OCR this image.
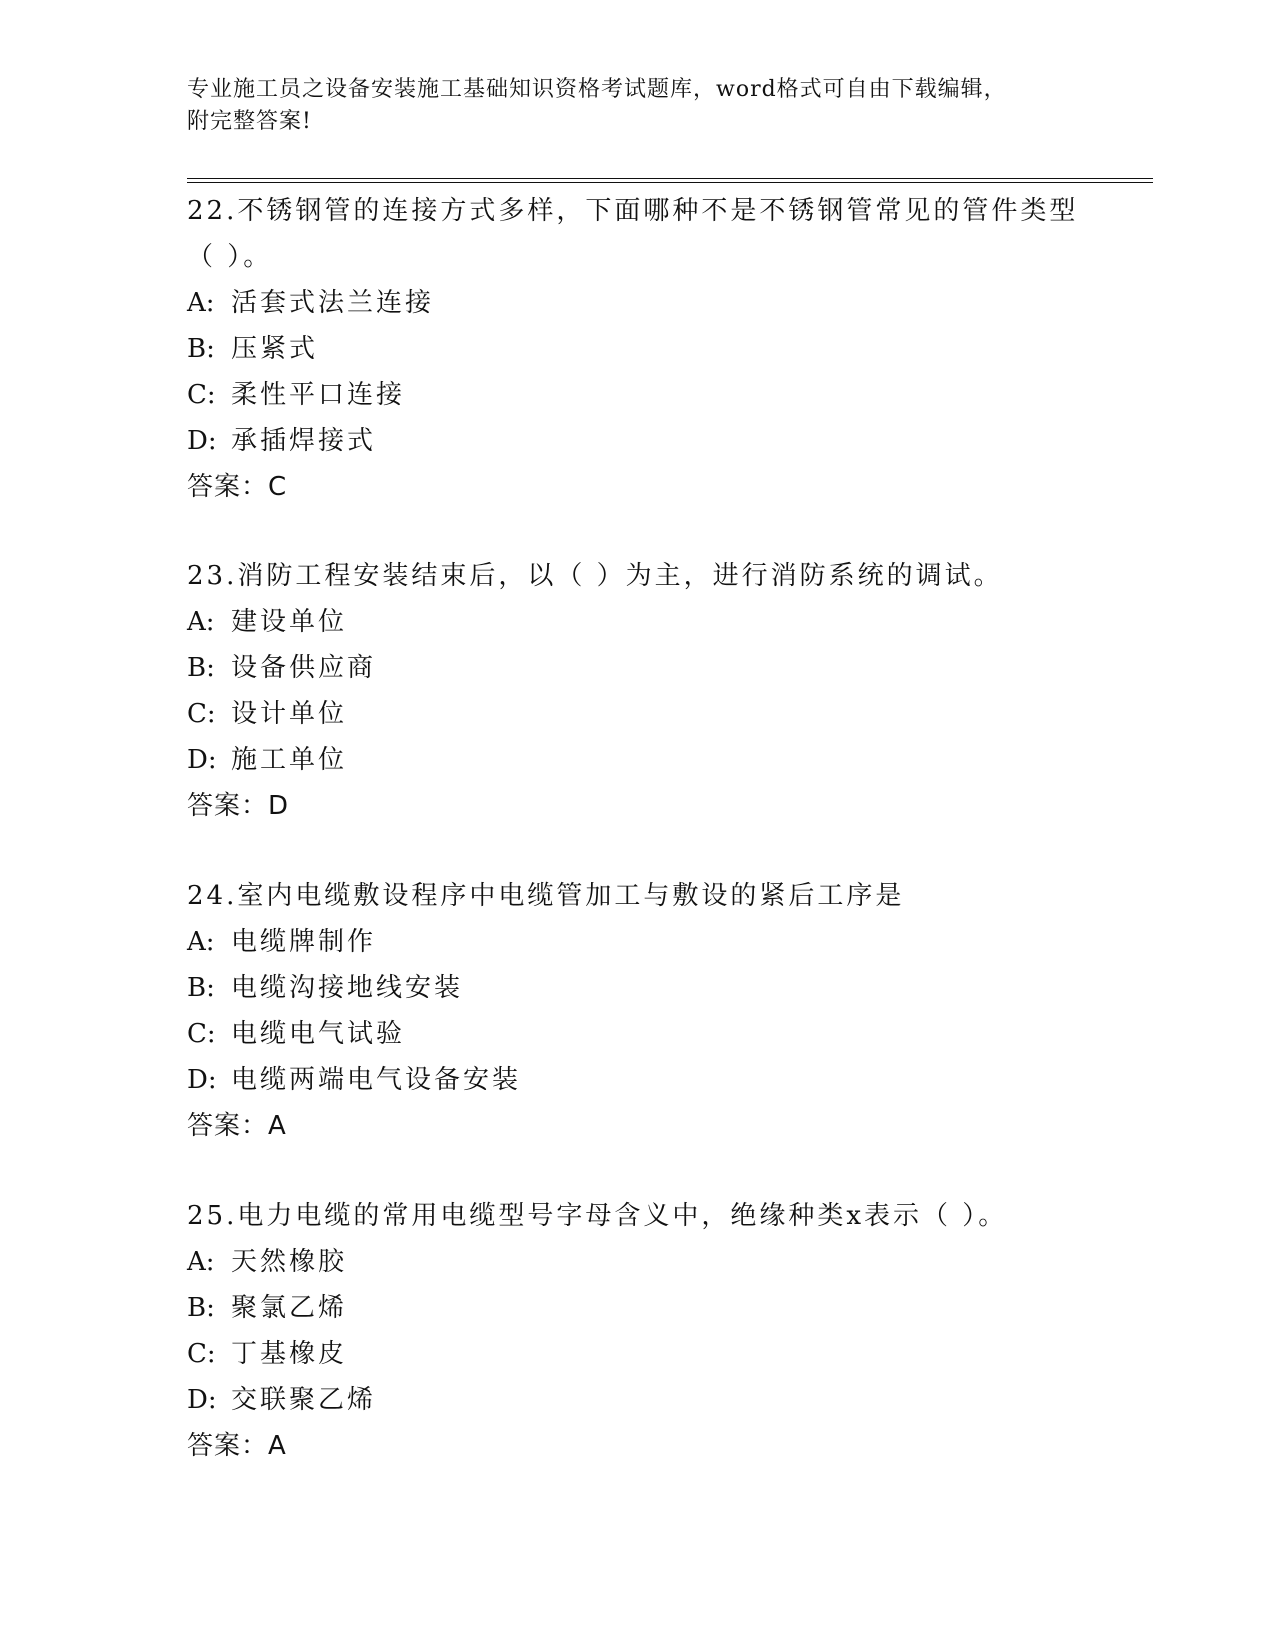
专业施工员之设备安装施工基础知识资格考试题库，word格式可自由下载编辑，
附完整答案!

22.不锈钢管的连接方式多样，下面哪种不是不锈钢管常见的管件类型

（ ）。

A: 活套式法兰连接

B: 压紧式

C: 柔性平口连接

D: 承插焊接式

答案：C

23.消防工程安装结束后，以（ ）为主，进行消防系统的调试。

A: 建设单位

B: 设备供应商

C: 设计单位

D: 施工单位

答案：D

24.室内电缆敷设程序中电缆管加工与敷设的紧后工序是

A: 电缆牌制作

B: 电缆沟接地线安装

C: 电缆电气试验

D: 电缆两端电气设备安装

答案：A

25.电力电缆的常用电缆型号字母含义中，绝缘种类x表示（ ）。

A: 天然橡胶

B: 聚氯乙烯

C: 丁基橡皮

D: 交联聚乙烯

答案：A
